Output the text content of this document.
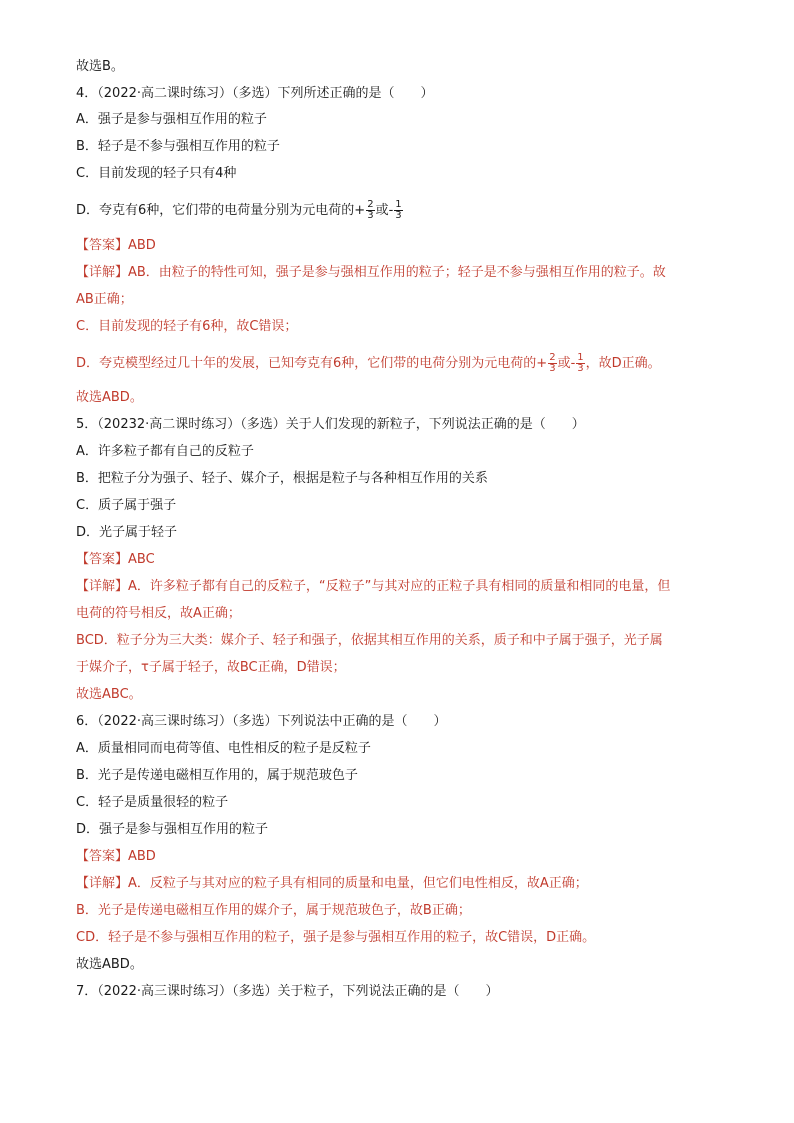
故选B。
4．（2022·高二课时练习）（多选）下列所述正确的是（　　）
A．强子是参与强相互作用的粒子
B．轻子是不参与强相互作用的粒子
C．目前发现的轻子只有4种
D．夸克有6种，它们带的电荷量分别为元电荷的+ $\frac{2}{3}$ 或- $\frac{1}{3}$
【答案】ABD
【详解】AB．由粒子的特性可知，强子是参与强相互作用的粒子；轻子是不参与强相互作用的粒子。故
AB正确；
C．目前发现的轻子有6种，故C错误；
D．夸克模型经过几十年的发展，已知夸克有6种，它们带的电荷分别为元电荷的+ $\frac{2}{3}$ 或- $\frac{1}{3}$ ，故D正确。
故选ABD。
5．（20232·高二课时练习）（多选）关于人们发现的新粒子，下列说法正确的是（　　）
A．许多粒子都有自己的反粒子
B．把粒子分为强子、轻子、媒介子，根据是粒子与各种相互作用的关系
C．质子属于强子
D．光子属于轻子
【答案】ABC
【详解】A．许多粒子都有自己的反粒子，“反粒子”与其对应的正粒子具有相同的质量和相同的电量，但
电荷的符号相反，故A正确；
BCD．粒子分为三大类：媒介子、轻子和强子，依据其相互作用的关系，质子和中子属于强子，光子属
于媒介子，τ子属于轻子，故BC正确，D错误；
故选ABC。
6．（2022·高三课时练习）（多选）下列说法中正确的是（　　）
A．质量相同而电荷等值、电性相反的粒子是反粒子
B．光子是传递电磁相互作用的，属于规范玻色子
C．轻子是质量很轻的粒子
D．强子是参与强相互作用的粒子
【答案】ABD
【详解】A．反粒子与其对应的粒子具有相同的质量和电量，但它们电性相反，故A正确；
B．光子是传递电磁相互作用的媒介子，属于规范玻色子，故B正确；
CD．轻子是不参与强相互作用的粒子，强子是参与强相互作用的粒子，故C错误，D正确。
故选ABD。
7．（2022·高三课时练习）（多选）关于粒子，下列说法正确的是（　　）
